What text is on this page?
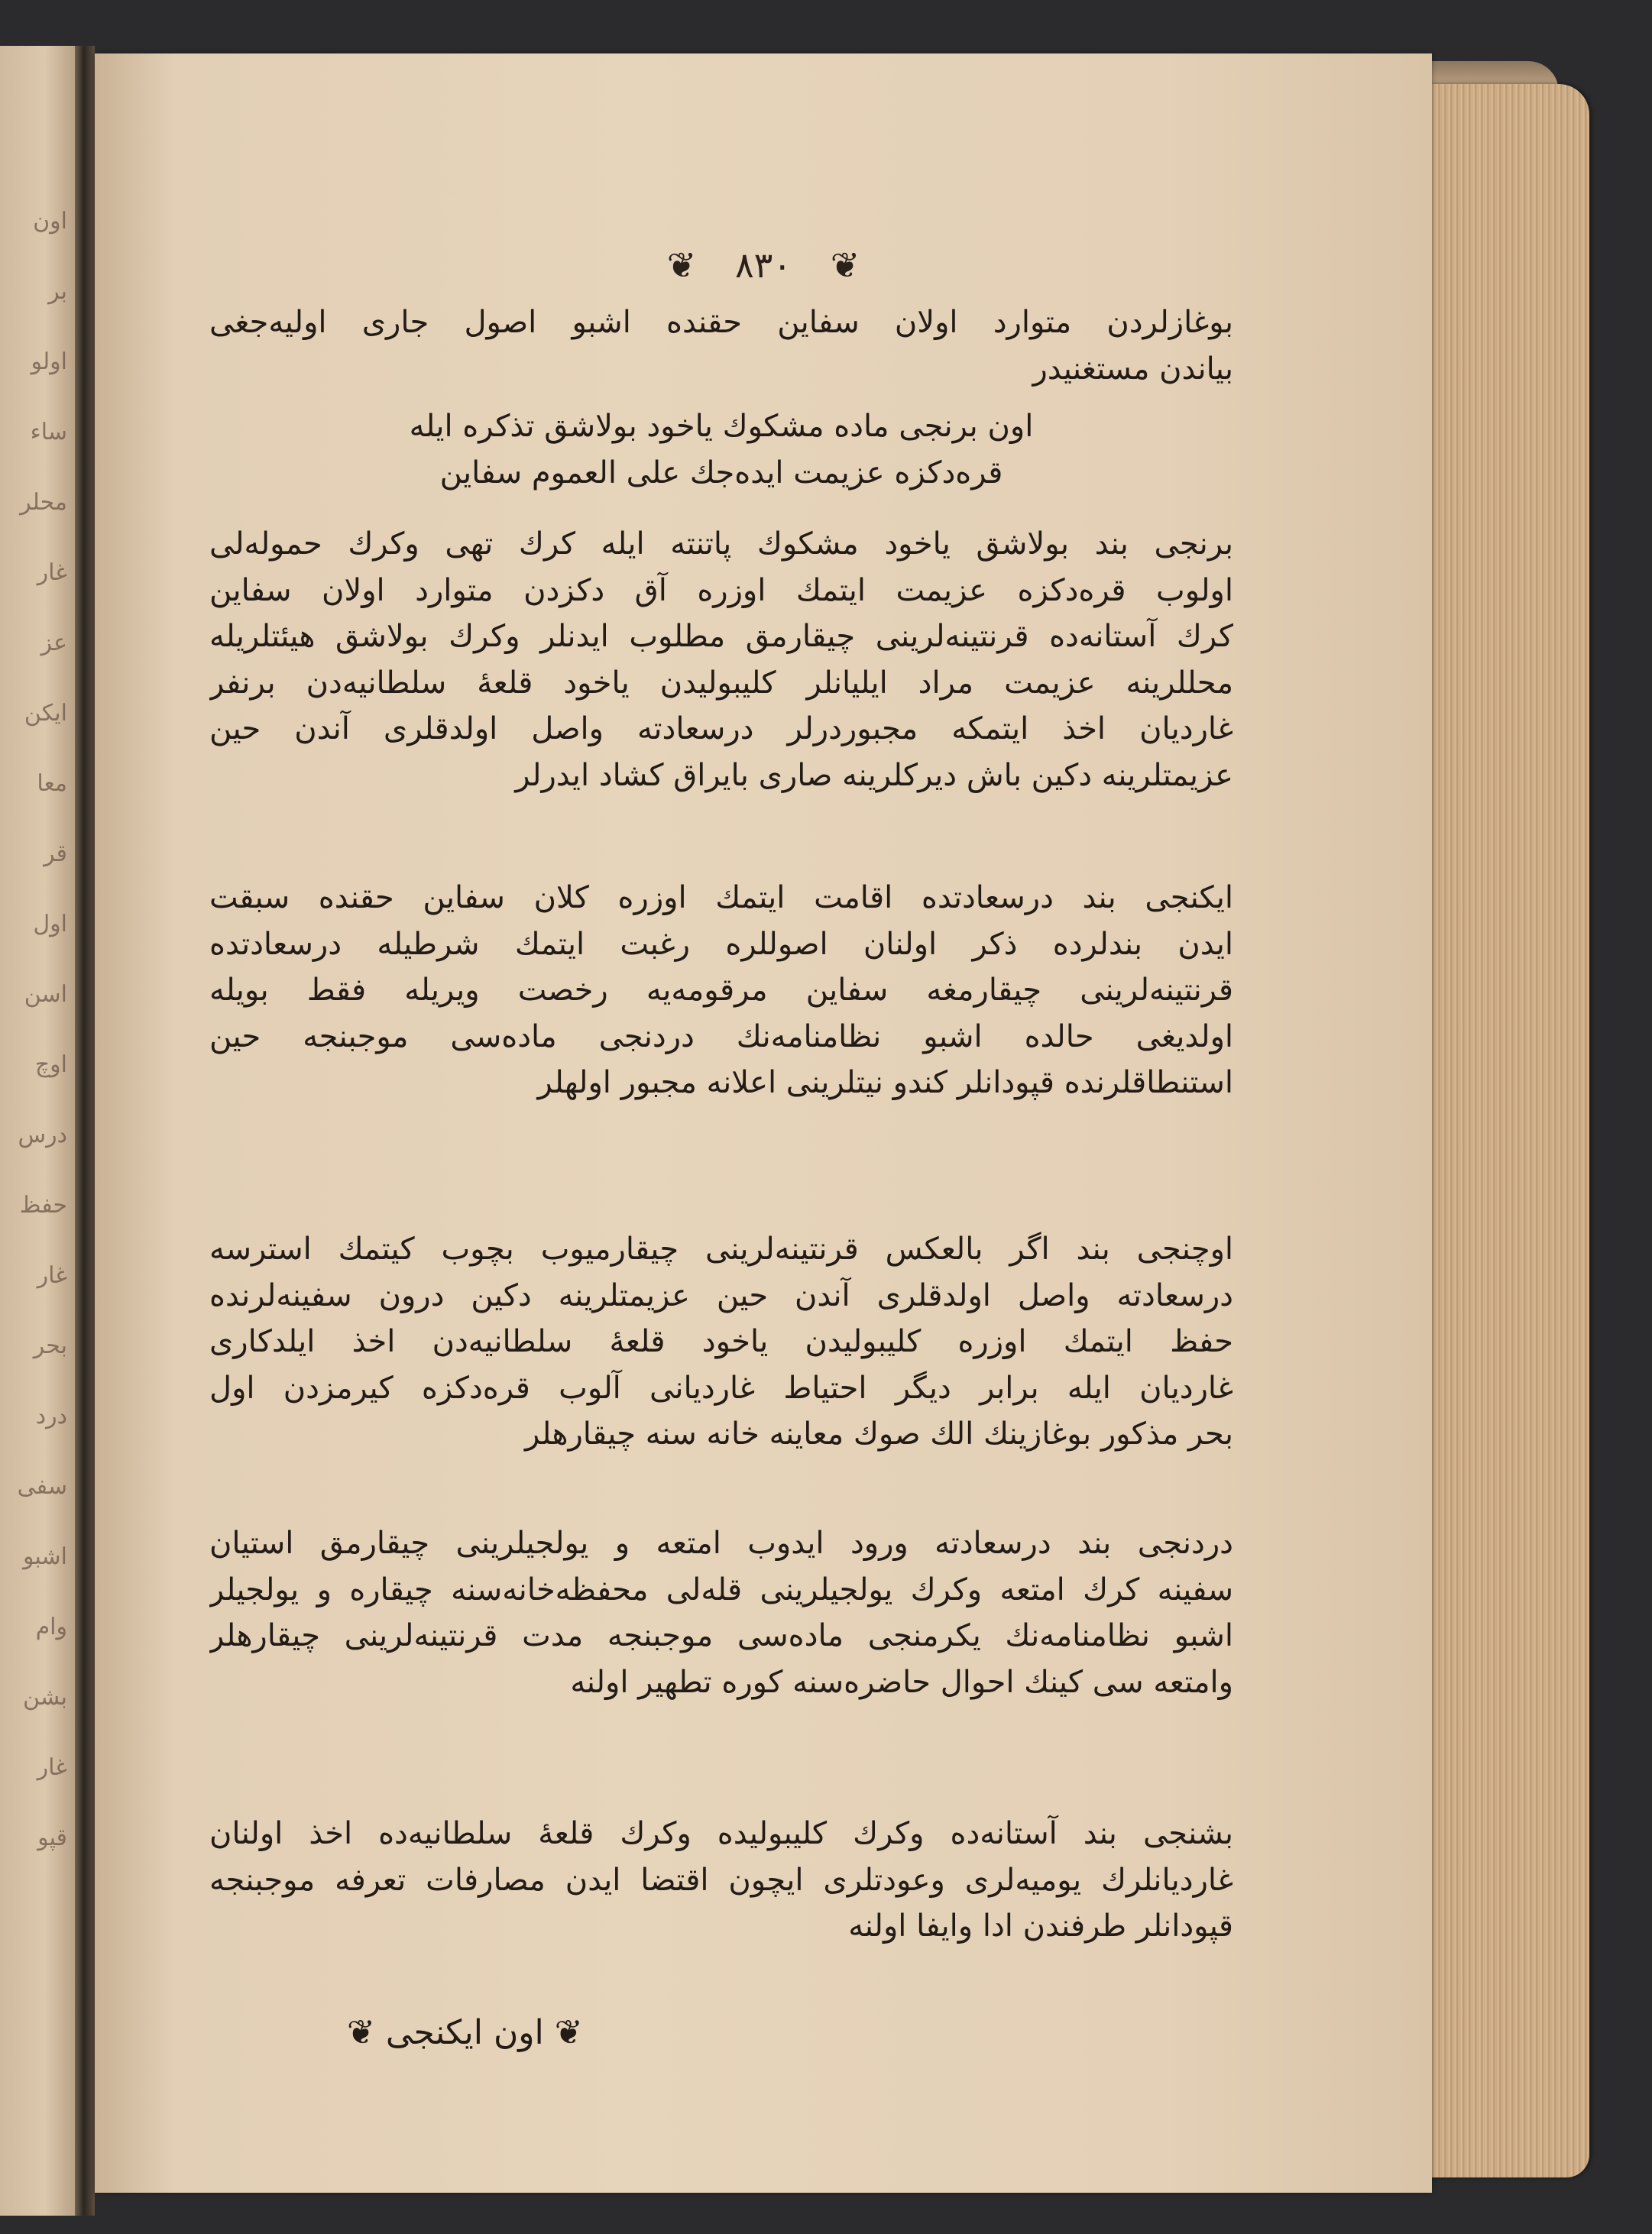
اون
بر
اولو
ساء
محلر
غار
عز
ایکن
معا
قر
اول
اسن
اوچ
درس
حفظ
غار
بحر
درد
سفی
اشبو
وام
بشن
غار
قپو
❦ ۸۳۰ ❦
بوغازلردن متوارد اولان سفاین حقنده اشبو اصول جاری اولیه‌جغی
بیاندن مستغنیدر
اون برنجی ماده مشکوك یاخود بولاشق تذکره ایله
قره‌دکزه عزیمت ایده‌جك علی العموم سفاین
برنجی بند بولاشق یاخود مشکوك پاتنته ایله کرك تهی وکرك حموله‌لی
اولوب قره‌دکزه عزیمت ایتمك اوزره آق دکزدن متوارد اولان سفاین
کرك آستانه‌ده قرنتینه‌لرینی چیقارمق مطلوب ایدنلر وکرك بولاشق هیئتلریله
محللرینه عزیمت مراد ایلیانلر کلیبولیدن یاخود قلعهٔ سلطانیه‌دن برنفر
غاردیان اخذ ایتمکه مجبوردرلر درسعادته واصل اولدقلری آندن حین
عزیمتلرینه دکین باش دیرکلرینه صاری بایراق کشاد ایدرلر
ایکنجی بند درسعادتده اقامت ایتمك اوزره کلان سفاین حقنده سبقت
ایدن بندلرده ذکر اولنان اصوللره رغبت ایتمك شرطیله درسعادتده
قرنتینه‌لرینی چیقارمغه سفاین مرقومه‌یه رخصت ویریله فقط بویله
اولدیغی حالده اشبو نظامنامه‌نك دردنجی ماده‌سی موجبنجه حین
استنطاقلرنده قپودانلر کندو نیتلرینی اعلانه مجبور اولهلر
اوچنجی بند اگر بالعکس قرنتینه‌لرینی چیقارمیوب بچوب کیتمك استرسه
درسعادته واصل اولدقلری آندن حین عزیمتلرینه دکین درون سفینه‌لرنده
حفظ ایتمك اوزره کلیبولیدن یاخود قلعهٔ سلطانیه‌دن اخذ ایلدکاری
غاردیان ایله برابر دیگر احتیاط غاردیانی آلوب قره‌دکزه کیرمزدن اول
بحر مذکور بوغازینك الك صوك معاینه خانه سنه چیقارهلر
دردنجی بند درسعادته ورود ایدوب امتعه و یولجیلرینی چیقارمق استیان
سفینه کرك امتعه وکرك یولجیلرینی قله‌لی محفظه‌خانه‌سنه چیقاره و یولجیلر
اشبو نظامنامه‌نك یکرمنجی ماده‌سی موجبنجه مدت قرنتینه‌لرینی چیقارهلر
وامتعه سی کینك احوال حاضره‌سنه کوره تطهیر اولنه
بشنجی بند آستانه‌ده وکرك کلیبولیده وکرك قلعهٔ سلطانیه‌ده اخذ اولنان
غاردیانلرك یومیه‌لری وعودتلری ایچون اقتضا ایدن مصارفات تعرفه موجبنجه
قپودانلر طرفندن ادا وایفا اولنه
❦ اون ایکنجی ❦
